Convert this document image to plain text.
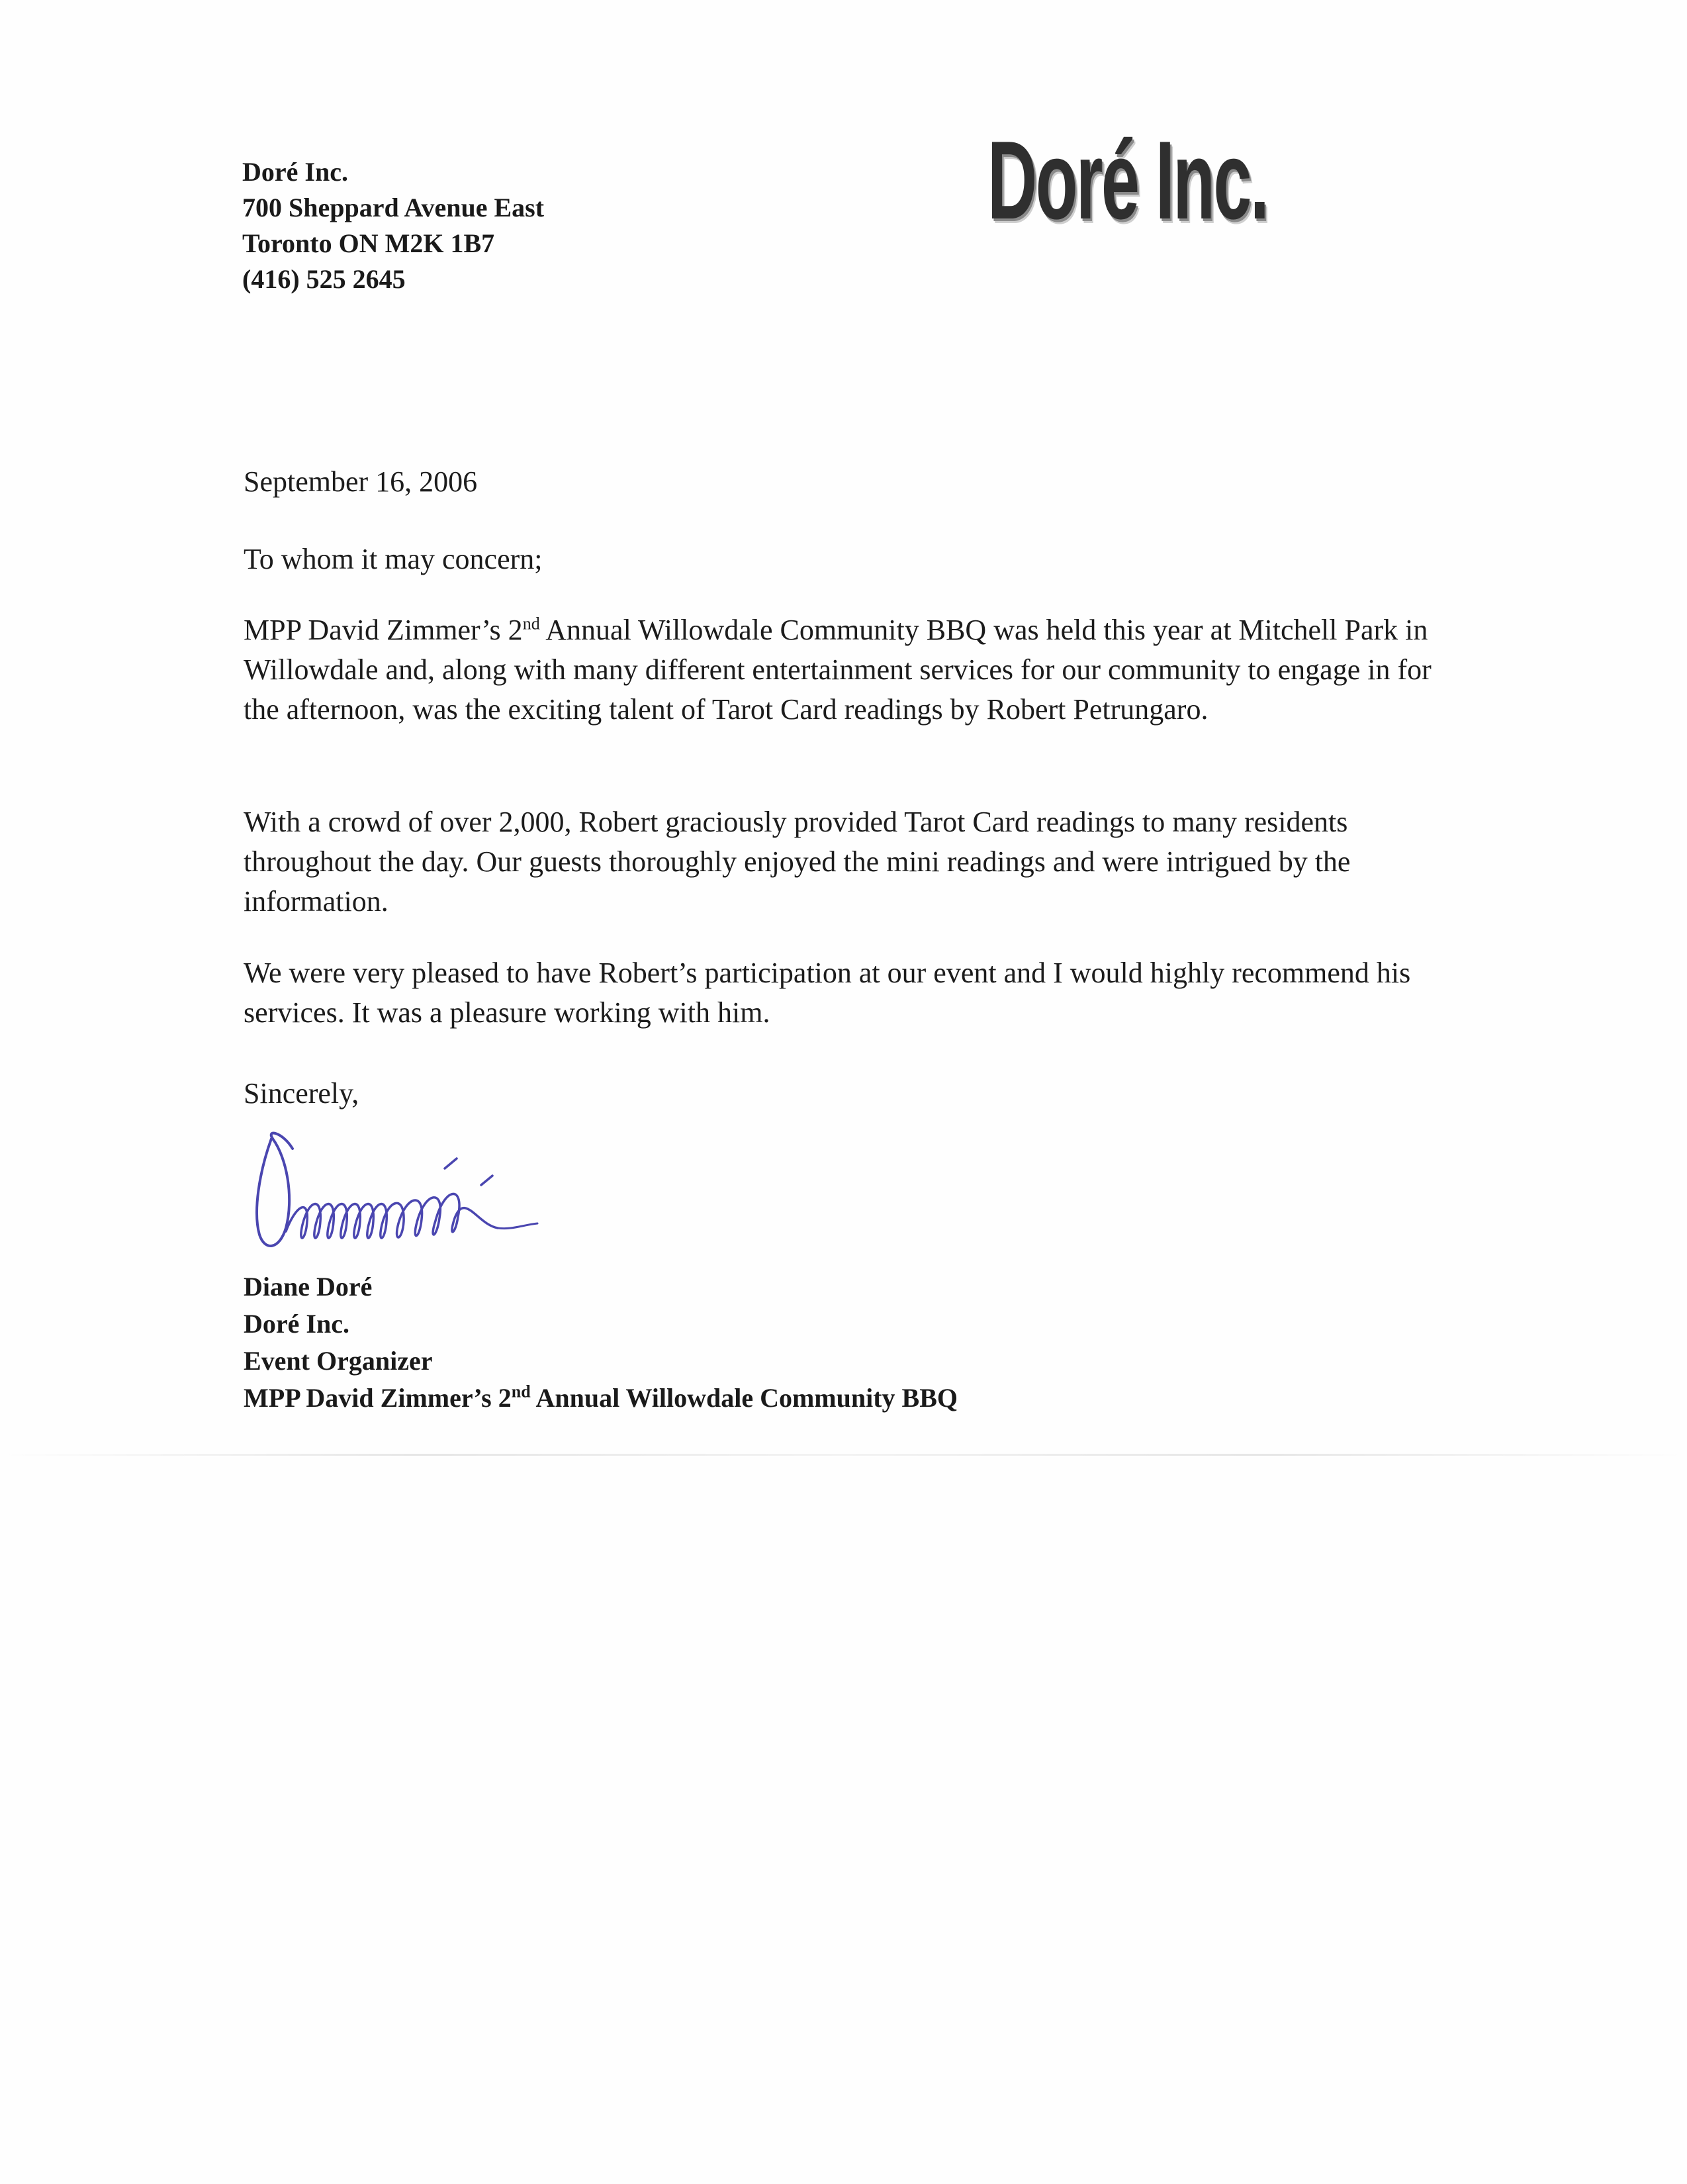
Doré Inc.
700 Sheppard Avenue East
Toronto ON M2K 1B7
(416) 525 2645
Doré Inc.
September 16, 2006
To whom it may concern;
MPP David Zimmer’s 2nd Annual Willowdale Community BBQ was held this year at Mitchell Park in Willowdale and, along with many different entertainment services for our community to engage in for the afternoon, was the exciting talent of Tarot Card readings by Robert Petrungaro.
With a crowd of over 2,000, Robert graciously provided Tarot Card readings to many residents throughout the day. Our guests thoroughly enjoyed the mini readings and were intrigued by the information.
We were very pleased to have Robert’s participation at our event and I would highly recommend his services. It was a pleasure working with him.
Sincerely,
Diane Doré
Doré Inc.
Event Organizer
MPP David Zimmer’s 2nd Annual Willowdale Community BBQ
